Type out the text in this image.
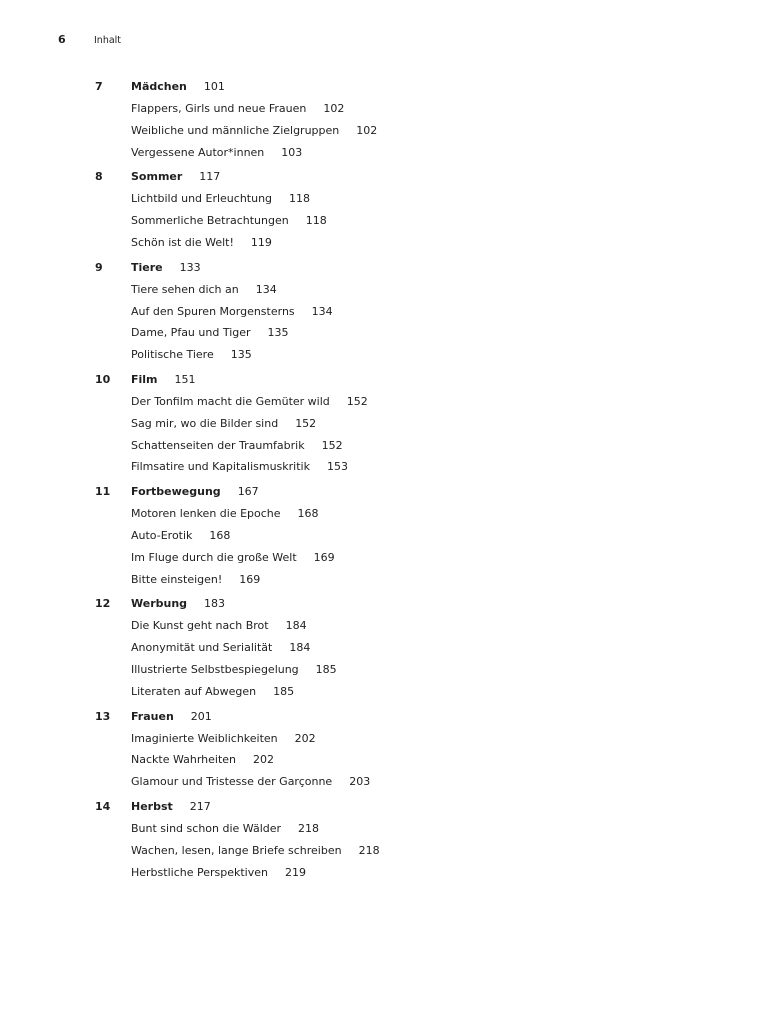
6	Inhalt
7	Mädchen 101
Flappers, Girls und neue Frauen 102
Weibliche und männliche Zielgruppen 102
Vergessene Autor*innen 103
8	Sommer 117
Lichtbild und Erleuchtung 118
Sommerliche Betrachtungen 118
Schön ist die Welt! 119
9	Tiere 133
Tiere sehen dich an 134
Auf den Spuren Morgensterns 134
Dame, Pfau und Tiger 135
Politische Tiere 135
10	Film 151
Der Tonfilm macht die Gemüter wild 152
Sag mir, wo die Bilder sind 152
Schattenseiten der Traumfabrik 152
Filmsatire und Kapitalismuskritik 153
11	Fortbewegung 167
Motoren lenken die Epoche 168
Auto-Erotik 168
Im Fluge durch die große Welt 169
Bitte einsteigen! 169
12	Werbung 183
Die Kunst geht nach Brot 184
Anonymität und Serialität 184
Illustrierte Selbstbespiegelung 185
Literaten auf Abwegen 185
13	Frauen 201
Imaginierte Weiblichkeiten 202
Nackte Wahrheiten 202
Glamour und Tristesse der Garçonne 203
14	Herbst 217
Bunt sind schon die Wälder 218
Wachen, lesen, lange Briefe schreiben 218
Herbstliche Perspektiven 219
